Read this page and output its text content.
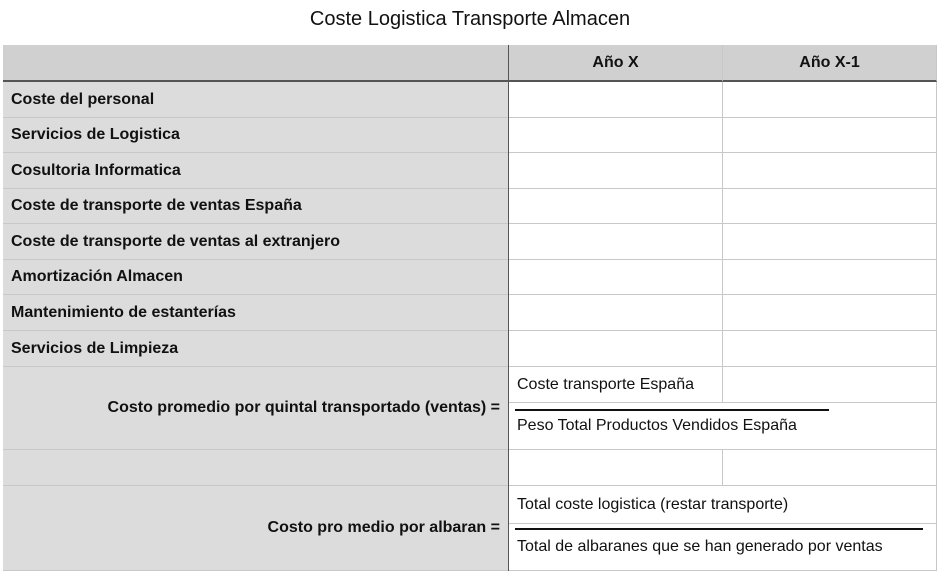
Coste Logistica Transporte Almacen
Año X	Año X-1
Coste del personal
Servicios de Logistica
Cosultoria Informatica
Coste de transporte de ventas España
Coste de transporte de ventas al extranjero
Amortización Almacen
Mantenimiento de estanterías
Servicios de Limpieza
Costo promedio por quintal transportado (ventas) =
Coste transporte España
Peso Total Productos Vendidos España
Costo pro medio por albaran =
Total coste logistica (restar transporte)
Total de albaranes que se han generado por ventas
